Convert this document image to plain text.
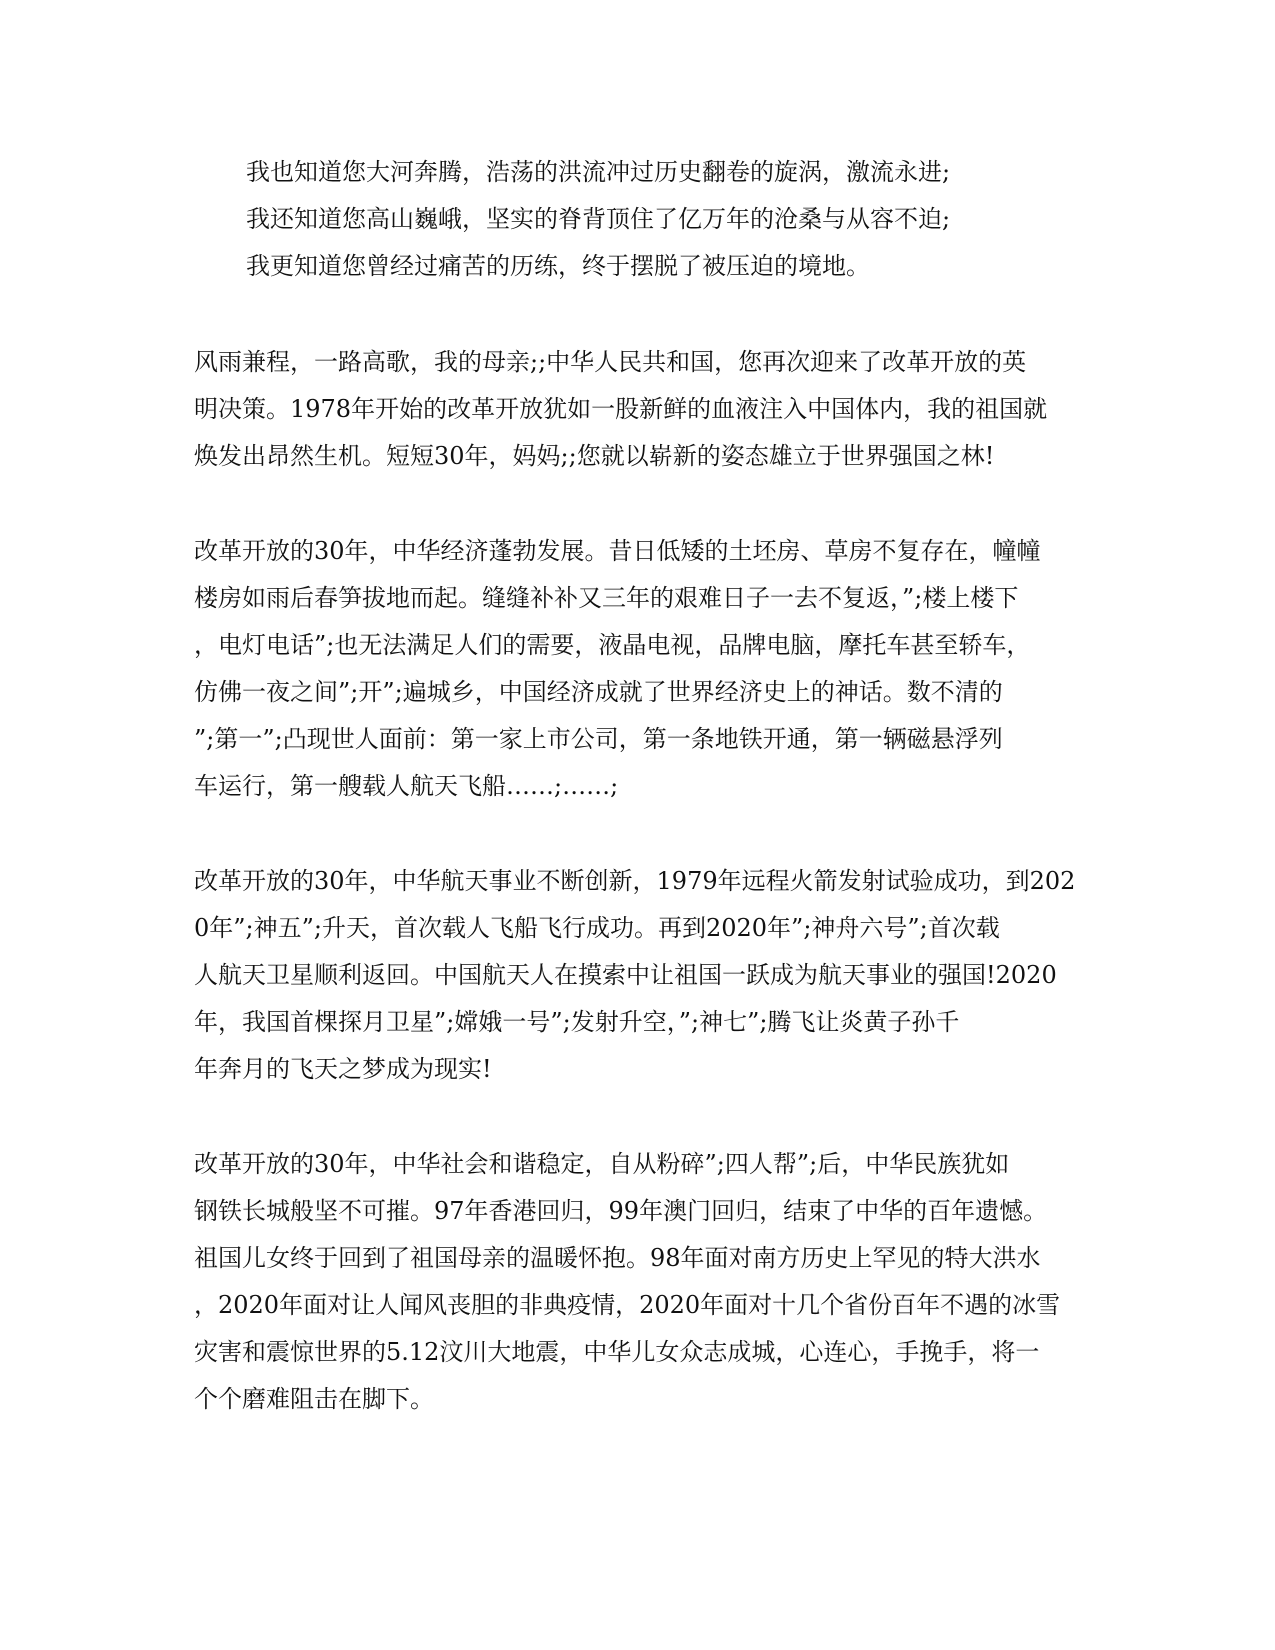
我也知道您大河奔腾，浩荡的洪流冲过历史翻卷的旋涡，激流永进;

我还知道您高山巍峨，坚实的脊背顶住了亿万年的沧桑与从容不迫;

我更知道您曾经过痛苦的历练，终于摆脱了被压迫的境地。

风雨兼程，一路高歌，我的母亲;;中华人民共和国，您再次迎来了改革开放的英

明决策。1978年开始的改革开放犹如一股新鲜的血液注入中国体内，我的祖国就

焕发出昂然生机。短短30年，妈妈;;您就以崭新的姿态雄立于世界强国之林!

改革开放的30年，中华经济蓬勃发展。昔日低矮的土坯房、草房不复存在，幢幢

楼房如雨后春笋拔地而起。缝缝补补又三年的艰难日子一去不复返，”;楼上楼下

，电灯电话”;也无法满足人们的需要，液晶电视，品牌电脑，摩托车甚至轿车，

仿佛一夜之间”;开”;遍城乡，中国经济成就了世界经济史上的神话。数不清的

”;第一”;凸现世人面前：第一家上市公司，第一条地铁开通，第一辆磁悬浮列

车运行，第一艘载人航天飞船……;……;

改革开放的30年，中华航天事业不断创新，1979年远程火箭发射试验成功，到202

0年”;神五”;升天，首次载人飞船飞行成功。再到2020年”;神舟六号”;首次载

人航天卫星顺利返回。中国航天人在摸索中让祖国一跃成为航天事业的强国!2020

年，我国首棵探月卫星”;嫦娥一号”;发射升空，”;神七”;腾飞让炎黄子孙千

年奔月的飞天之梦成为现实!

改革开放的30年，中华社会和谐稳定，自从粉碎”;四人帮”;后，中华民族犹如

钢铁长城般坚不可摧。97年香港回归，99年澳门回归，结束了中华的百年遗憾。

祖国儿女终于回到了祖国母亲的温暖怀抱。98年面对南方历史上罕见的特大洪水

，2020年面对让人闻风丧胆的非典疫情，2020年面对十几个省份百年不遇的冰雪

灾害和震惊世界的5.12汶川大地震，中华儿女众志成城，心连心，手挽手，将一

个个磨难阻击在脚下。
